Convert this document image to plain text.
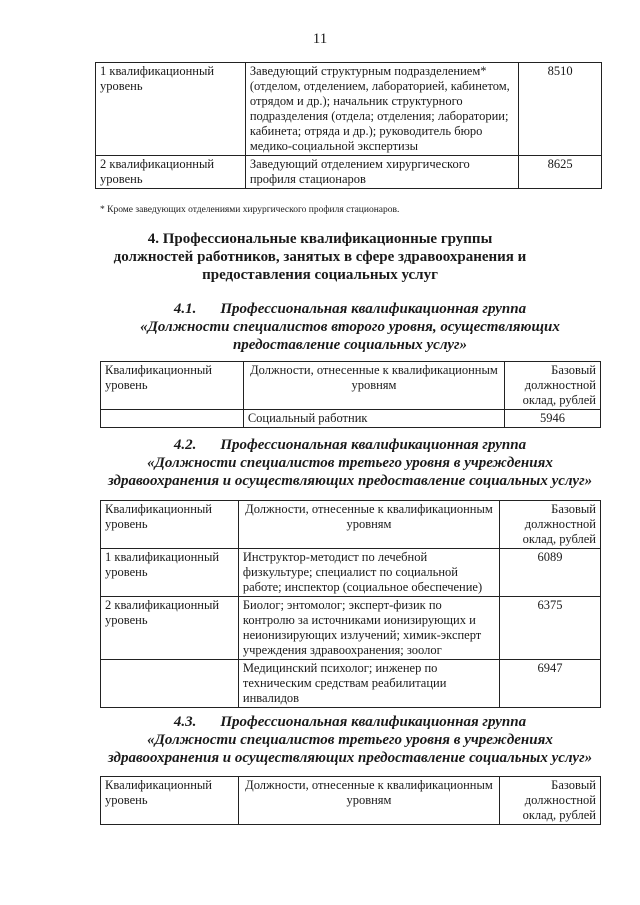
11
1 квалификационный уровень	Заведующий структурным подразделением* (отделом, отделением, лабораторией, кабинетом, отрядом и др.); начальник структурного подразделения (отдела; отделения; лаборатории; кабинета; отряда и др.); руководитель бюро медико-социальной экспертизы	8510
2 квалификационный уровень	Заведующий отделением хирургического профиля стационаров	8625
* Кроме заведующих отделениями хирургического профиля стационаров.
4. Профессиональные квалификационные группы
должностей работников, занятых в сфере здравоохранения и
предоставления социальных услуг
4.1. Профессиональная квалификационная группа
«Должности специалистов второго уровня, осуществляющих
предоставление социальных услуг»
Квалификационный уровень	Должности, отнесенные к квалификационным уровням	Базовый должностной оклад, рублей
	Социальный работник	5946
4.2. Профессиональная квалификационная группа
«Должности специалистов третьего уровня в учреждениях
здравоохранения и осуществляющих предоставление социальных услуг»
Квалификационный уровень	Должности, отнесенные к квалификационным уровням	Базовый должностной оклад, рублей
1 квалификационный уровень	Инструктор-методист по лечебной физкультуре; специалист по социальной работе; инспектор (социальное обеспечение)	6089
2 квалификационный уровень	Биолог; энтомолог; эксперт-физик по контролю за источниками ионизирующих и неионизирующих излучений; химик-эксперт учреждения здравоохранения; зоолог	6375
	Медицинский психолог; инженер по техническим средствам реабилитации инвалидов	6947
4.3. Профессиональная квалификационная группа
«Должности специалистов третьего уровня в учреждениях
здравоохранения и осуществляющих предоставление социальных услуг»
Квалификационный уровень	Должности, отнесенные к квалификационным уровням	Базовый должностной оклад, рублей
